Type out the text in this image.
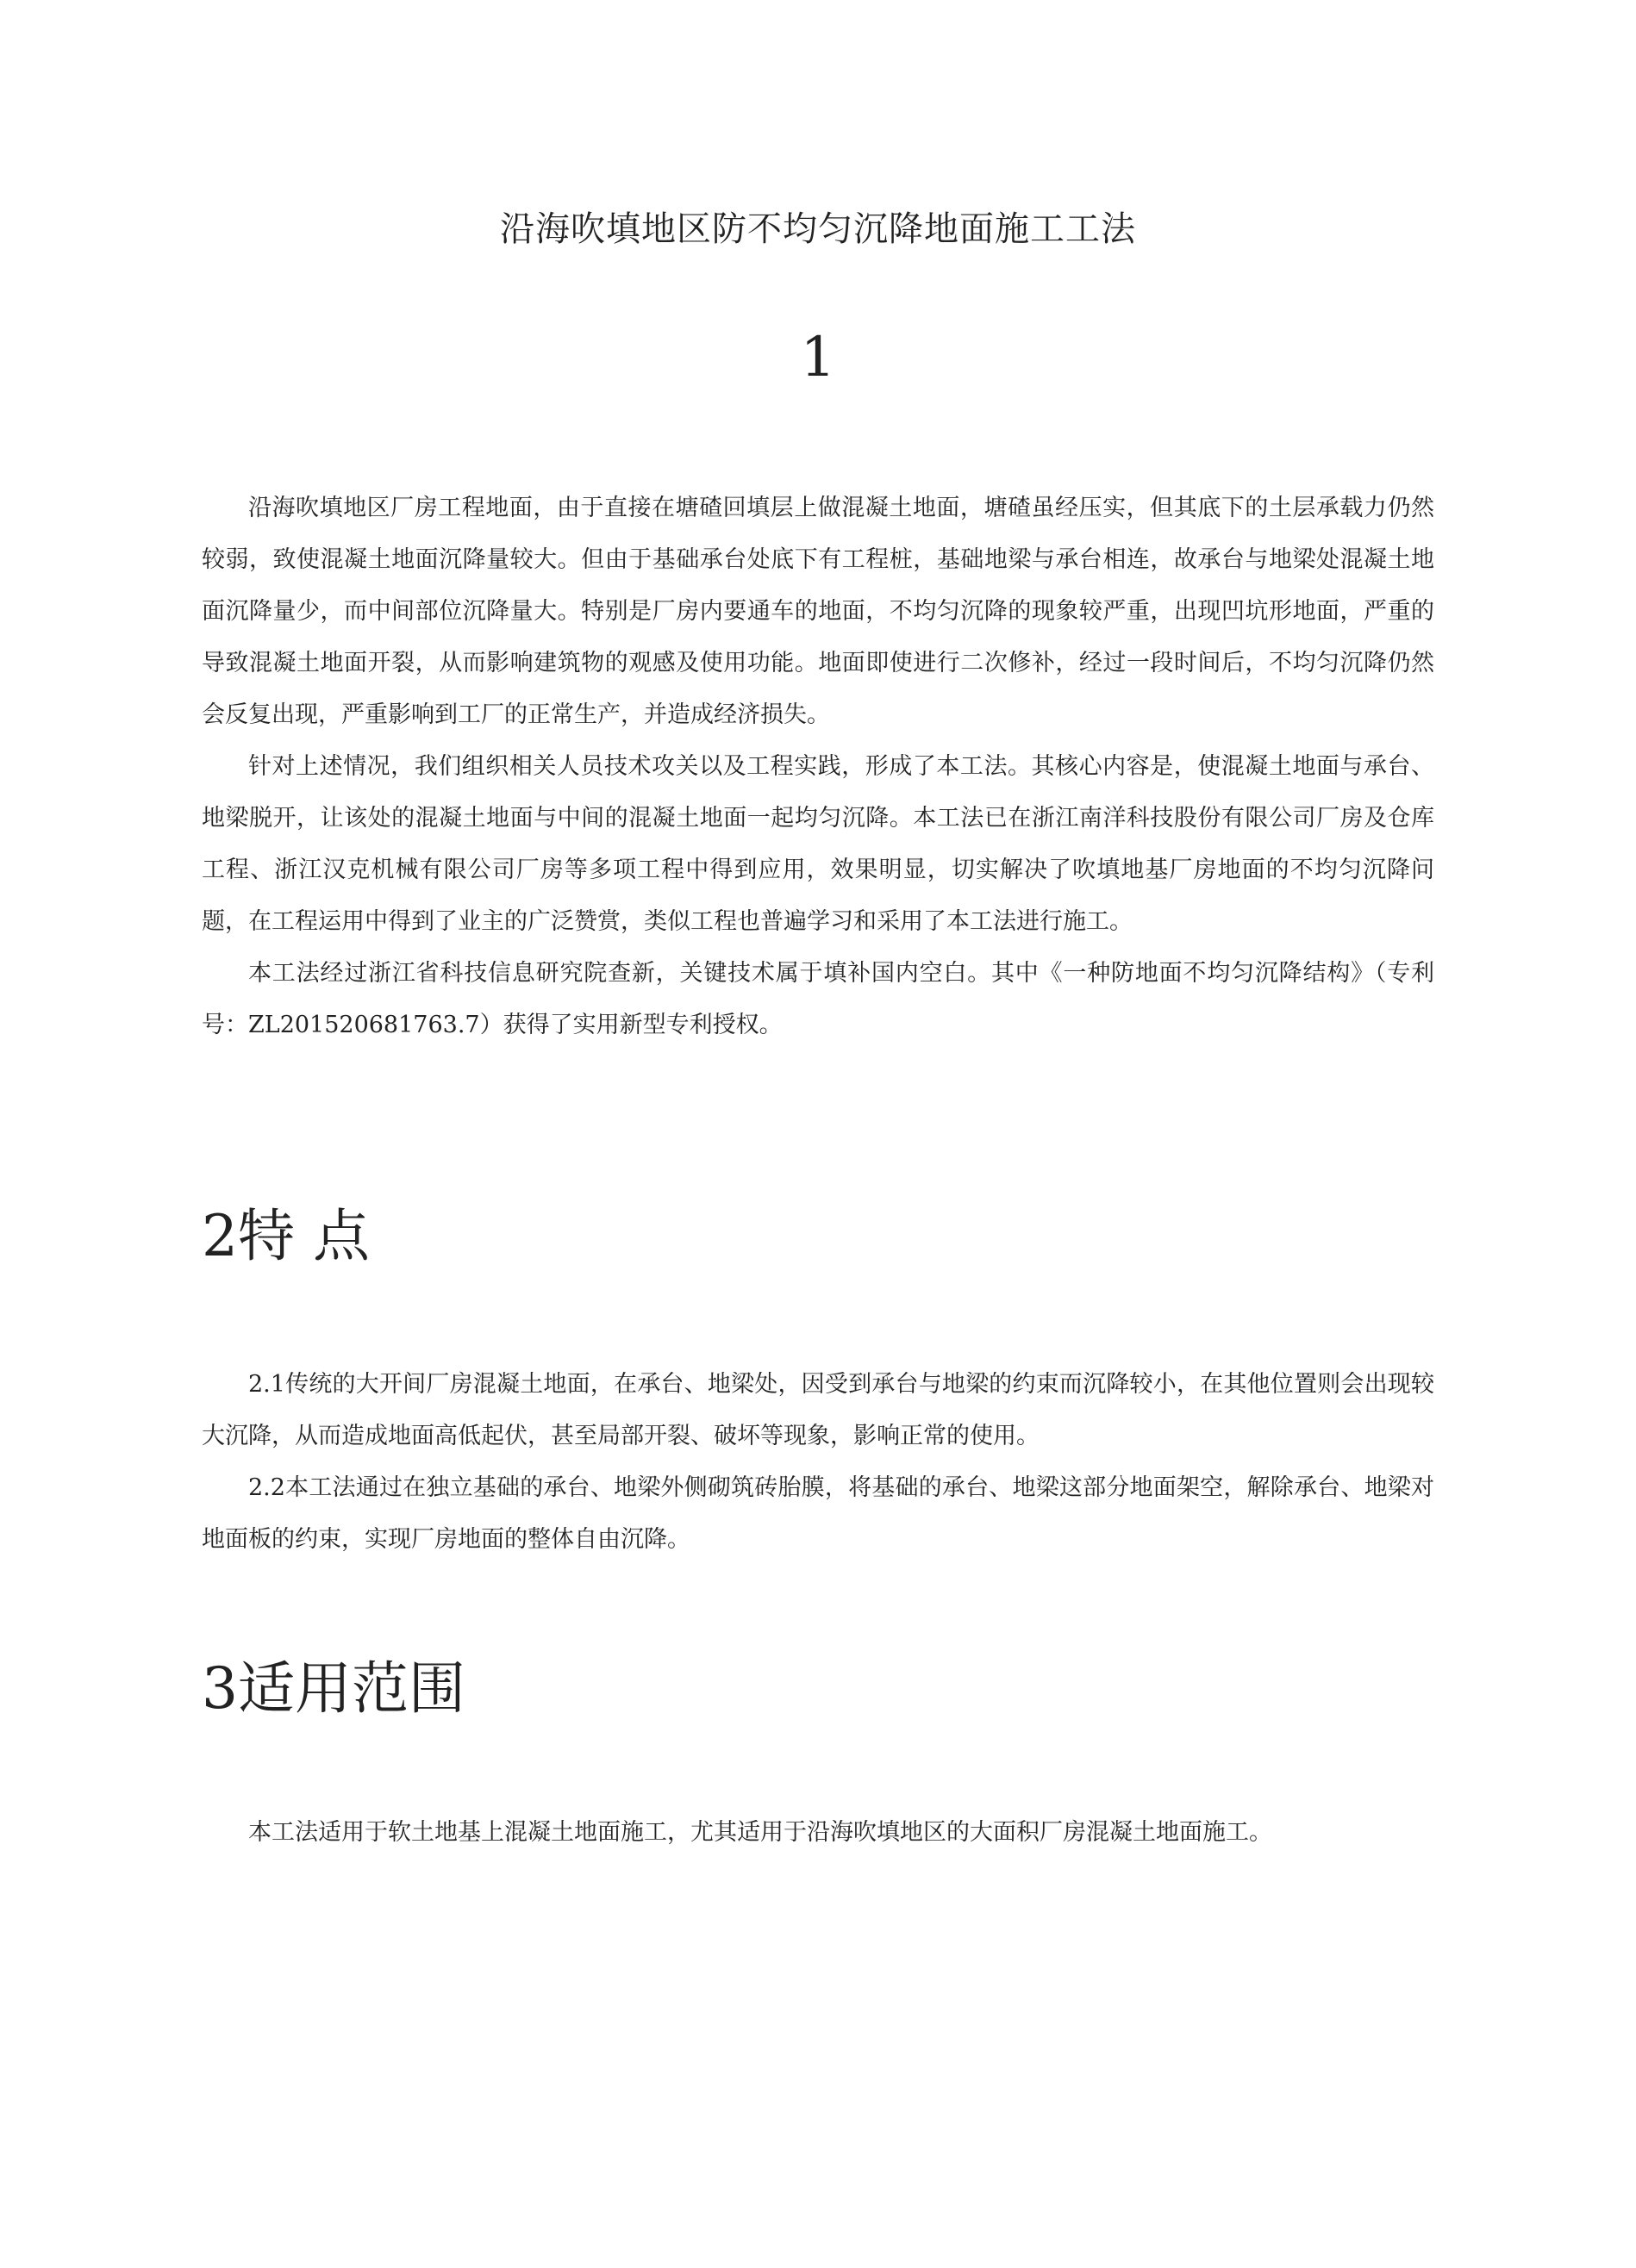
沿海吹填地区防不均匀沉降地面施工工法
1

沿海吹填地区厂房工程地面，由于直接在塘碴回填层上做混凝土地面，塘碴虽经压实，但其底下的土层承载力仍然较弱，致使混凝土地面沉降量较大。但由于基础承台处底下有工程桩，基础地梁与承台相连，故承台与地梁处混凝土地面沉降量少，而中间部位沉降量大。特别是厂房内要通车的地面，不均匀沉降的现象较严重，出现凹坑形地面，严重的导致混凝土地面开裂，从而影响建筑物的观感及使用功能。地面即使进行二次修补，经过一段时间后，不均匀沉降仍然会反复出现，严重影响到工厂的正常生产，并造成经济损失。

针对上述情况，我们组织相关人员技术攻关以及工程实践，形成了本工法。其核心内容是，使混凝土地面与承台、地梁脱开，让该处的混凝土地面与中间的混凝土地面一起均匀沉降。本工法已在浙江南洋科技股份有限公司厂房及仓库工程、浙江汉克机械有限公司厂房等多项工程中得到应用，效果明显，切实解决了吹填地基厂房地面的不均匀沉降问题，在工程运用中得到了业主的广泛赞赏，类似工程也普遍学习和采用了本工法进行施工。

本工法经过浙江省科技信息研究院查新，关键技术属于填补国内空白。其中《一种防地面不均匀沉降结构》（专利号：ZL201520681763.7）获得了实用新型专利授权。

2特 点

2.1传统的大开间厂房混凝土地面，在承台、地梁处，因受到承台与地梁的约束而沉降较小，在其他位置则会出现较大沉降，从而造成地面高低起伏，甚至局部开裂、破坏等现象，影响正常的使用。

2.2本工法通过在独立基础的承台、地梁外侧砌筑砖胎膜，将基础的承台、地梁这部分地面架空，解除承台、地梁对地面板的约束，实现厂房地面的整体自由沉降。

3适用范围

本工法适用于软土地基上混凝土地面施工，尤其适用于沿海吹填地区的大面积厂房混凝土地面施工。
